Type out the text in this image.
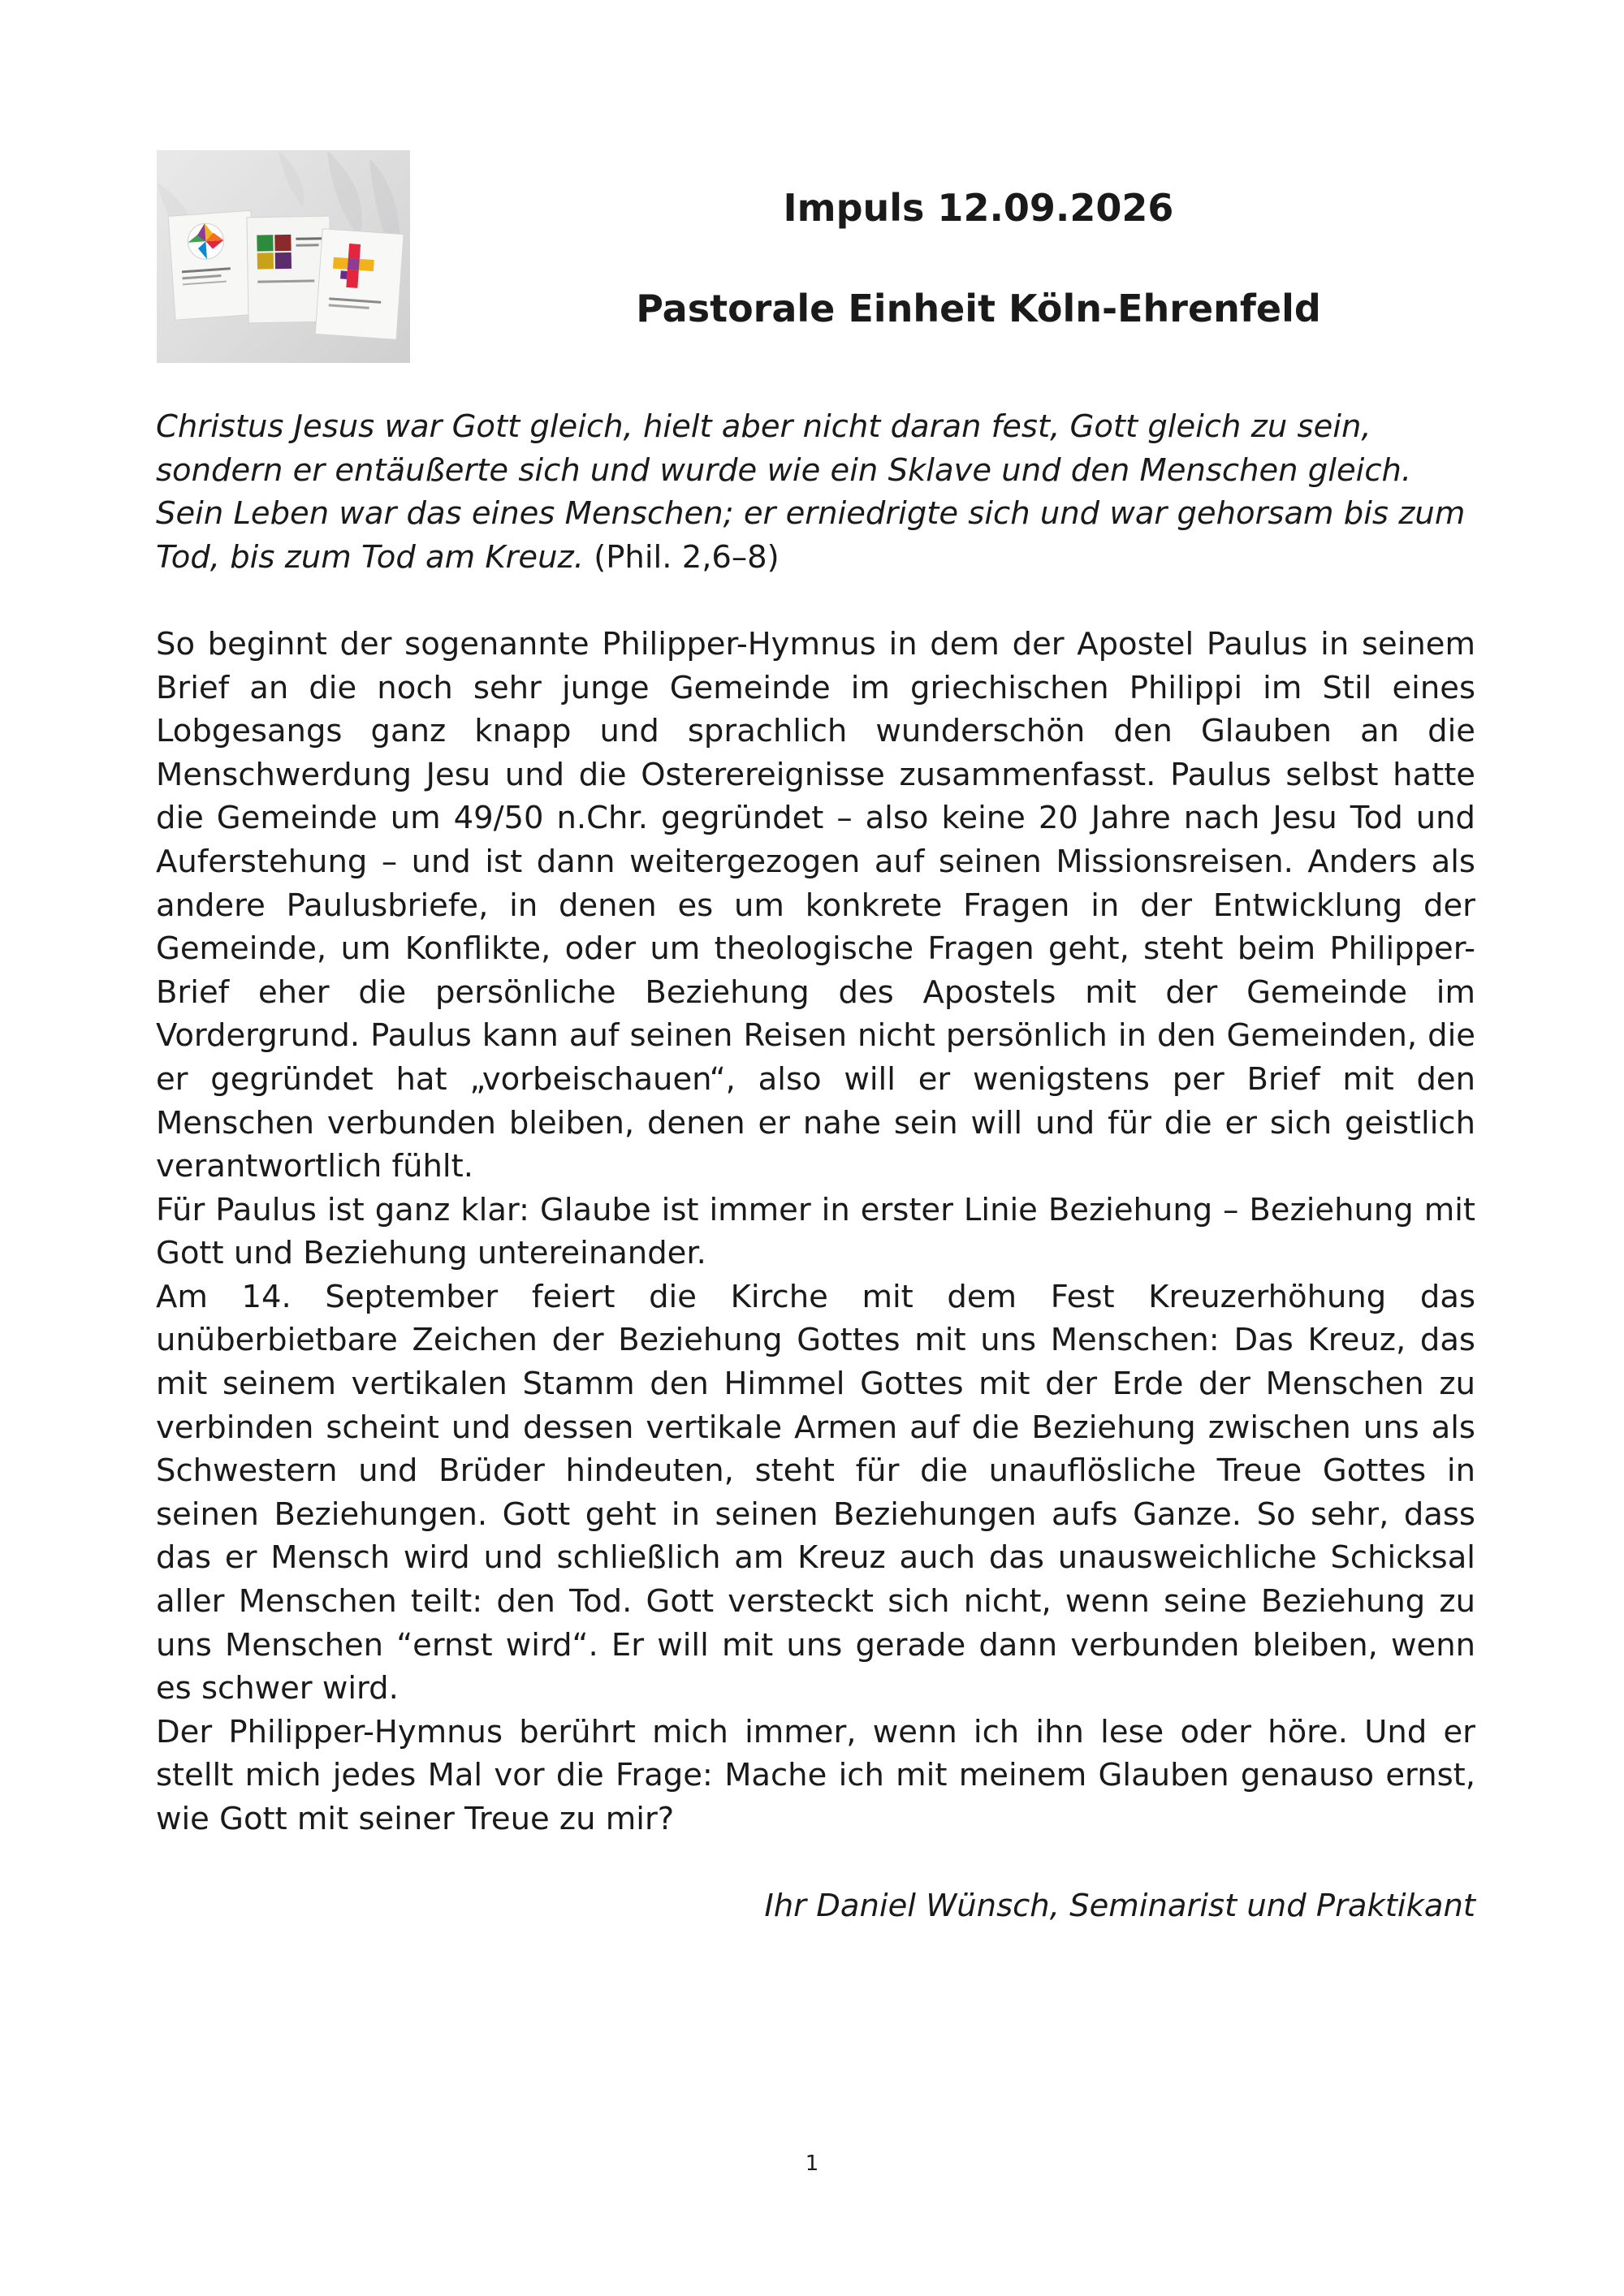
Impuls 12.09.2026
Pastorale Einheit Köln-Ehrenfeld

Christus Jesus war Gott gleich, hielt aber nicht daran fest, Gott gleich zu sein, sondern er entäußerte sich und wurde wie ein Sklave und den Menschen gleich. Sein Leben war das eines Menschen; er erniedrigte sich und war gehorsam bis zum Tod, bis zum Tod am Kreuz. (Phil. 2,6–8)

So beginnt der sogenannte Philipper-Hymnus in dem der Apostel Paulus in seinem Brief an die noch sehr junge Gemeinde im griechischen Philippi im Stil eines Lobgesangs ganz knapp und sprachlich wunderschön den Glauben an die Menschwerdung Jesu und die Osterereignisse zusammenfasst. Paulus selbst hatte die Gemeinde um 49/50 n.Chr. gegründet – also keine 20 Jahre nach Jesu Tod und Auferstehung – und ist dann weitergezogen auf seinen Missionsreisen. Anders als andere Paulusbriefe, in denen es um konkrete Fragen in der Entwicklung der Gemeinde, um Konflikte, oder um theologische Fragen geht, steht beim Philipper-Brief eher die persönliche Beziehung des Apostels mit der Gemeinde im Vordergrund. Paulus kann auf seinen Reisen nicht persönlich in den Gemeinden, die er gegründet hat „vorbeischauen“, also will er wenigstens per Brief mit den Menschen verbunden bleiben, denen er nahe sein will und für die er sich geistlich verantwortlich fühlt.

Für Paulus ist ganz klar: Glaube ist immer in erster Linie Beziehung – Beziehung mit Gott und Beziehung untereinander.

Am 14. September feiert die Kirche mit dem Fest Kreuzerhöhung das unüberbietbare Zeichen der Beziehung Gottes mit uns Menschen: Das Kreuz, das mit seinem vertikalen Stamm den Himmel Gottes mit der Erde der Menschen zu verbinden scheint und dessen vertikale Armen auf die Beziehung zwischen uns als Schwestern und Brüder hindeuten, steht für die unauflösliche Treue Gottes in seinen Beziehungen. Gott geht in seinen Beziehungen aufs Ganze. So sehr, dass das er Mensch wird und schließlich am Kreuz auch das unausweichliche Schicksal aller Menschen teilt: den Tod. Gott versteckt sich nicht, wenn seine Beziehung zu uns Menschen “ernst wird“. Er will mit uns gerade dann verbunden bleiben, wenn es schwer wird.

Der Philipper-Hymnus berührt mich immer, wenn ich ihn lese oder höre. Und er stellt mich jedes Mal vor die Frage: Mache ich mit meinem Glauben genauso ernst, wie Gott mit seiner Treue zu mir?

Ihr Daniel Wünsch, Seminarist und Praktikant
1
